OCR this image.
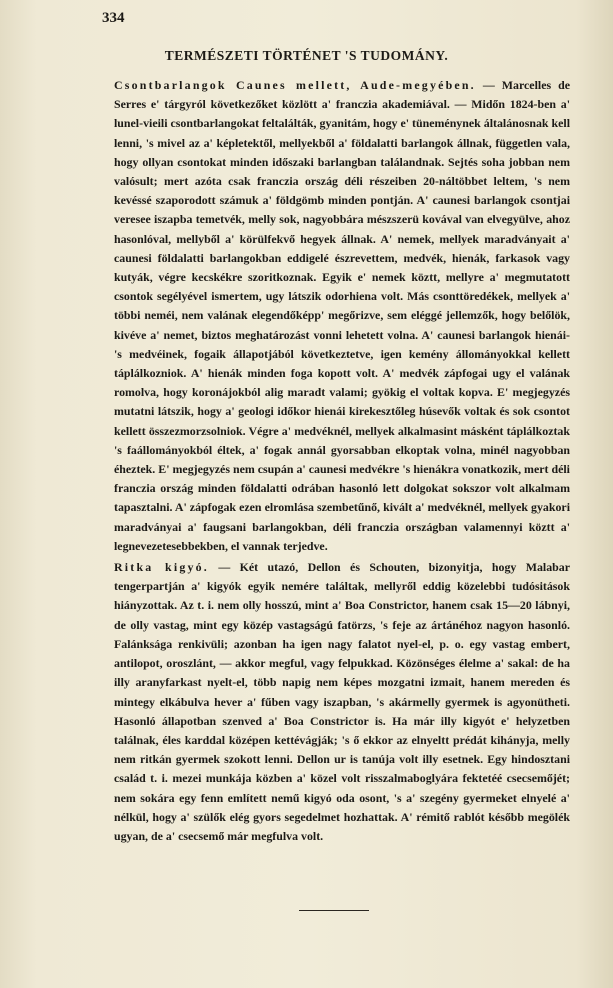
334
TERMÉSZETI TÖRTÉNET 'S TUDOMÁNY.

Csontbarlangok Caunes mellett, Aude-megyében. — Marcelles de Serres e' tárgyról következőket közlött a' franczia akademiával. — Midőn 1824-ben a' lunel-vieili csontbarlangokat feltalálták, gyanitám, hogy e' tüneménynek általánosnak kell lenni, 's mivel az a' képletektől, mellyekből a' földalatti barlangok állnak, független vala, hogy ollyan csontokat minden időszaki barlangban találandnak. Sejtés soha jobban nem valósult; mert azóta csak franczia ország déli részeiben 20-náltöbbet leltem, 's nem kevéssé szaporodott számuk a' földgömb minden pontján. A' caunesi barlangok csontjai veresee iszapba temetvék, melly sok, nagyobbára mészszerü kovával van elvegyülve, ahoz hasonlóval, mellyből a' körülfekvő hegyek állnak. A' nemek, mellyek maradványait a' caunesi földalatti barlangokban eddigelé észrevettem, medvék, hienák, farkasok vagy kutyák, végre kecskékre szoritkoznak. Egyik e' nemek köztt, mellyre a' megmutatott csontok segélyével ismertem, ugy látszik odorhiena volt. Más csonttöredékek, mellyek a' többi neméi, nem valának elegendőképp' megőrizve, sem eléggé jellemzők, hogy belőlök, kivéve a' nemet, biztos meghatározást vonni lehetett volna. A' caunesi barlangok hienái- 's medvéinek, fogaik állapotjából következtetve, igen kemény állományokkal kellett táplálkozniok. A' hienák minden foga kopott volt. A' medvék zápfogai ugy el valának romolva, hogy koronájokból alig maradt valami; gyökig el voltak kopva. E' megjegyzés mutatni látszik, hogy a' geologi időkor hienái kirekesztőleg húsevők voltak és sok csontot kellett összezmorzsolniok. Végre a' medvéknél, mellyek alkalmasint másként táplálkoztak 's faállományokból éltek, a' fogak annál gyorsabban elkoptak volna, minél nagyobban éheztek. E' megjegyzés nem csupán a' caunesi medvékre 's hienákra vonatkozik, mert déli franczia ország minden földalatti odrában hasonló lett dolgokat sokszor volt alkalmam tapasztalni. A' zápfogak ezen elromlása szembetűnő, kivált a' medvéknél, mellyek gyakori maradványai a' faugsani barlangokban, déli franczia országban valamennyi köztt a' legnevezetesebbekben, el vannak terjedve.

Ritka kigyó. — Két utazó, Dellon és Schouten, bizonyitja, hogy Malabar tengerpartján a' kigyók egyik nemére találtak, mellyről eddig közelebbi tudósitások hiányzottak. Az t. i. nem olly hosszú, mint a' Boa Constrictor, hanem csak 15—20 lábnyi, de olly vastag, mint egy közép vastagságú fatörzs, 's feje az ártánéhoz nagyon hasonló. Falánksága renkivüli; azonban ha igen nagy falatot nyel-el, p. o. egy vastag embert, antilopot, oroszlánt, — akkor megful, vagy felpukkad. Közönséges élelme a' sakal: de ha illy aranyfarkast nyelt-el, több napig nem képes mozgatni izmait, hanem mereden és mintegy elkábulva hever a' fűben vagy iszapban, 's akármelly gyermek is agyonütheti. Hasonló állapotban szenved a' Boa Constrictor is. Ha már illy kigyót e' helyzetben találnak, éles karddal középen kettévágják; 's ő ekkor az elnyeltt prédát kihányja, melly nem ritkán gyermek szokott lenni. Dellon ur is tanúja volt illy esetnek. Egy hindosztani család t. i. mezei munkája közben a' közel volt risszalmaboglyára fektetéé csecsemőjét; nem sokára egy fenn említett nemű kigyó oda osont, 's a' szegény gyermeket elnyelé a' nélkül, hogy a' szülők elég gyors segedelmet hozhattak. A' rémitő rablót később megölék ugyan, de a' csecsemő már megfulva volt.
